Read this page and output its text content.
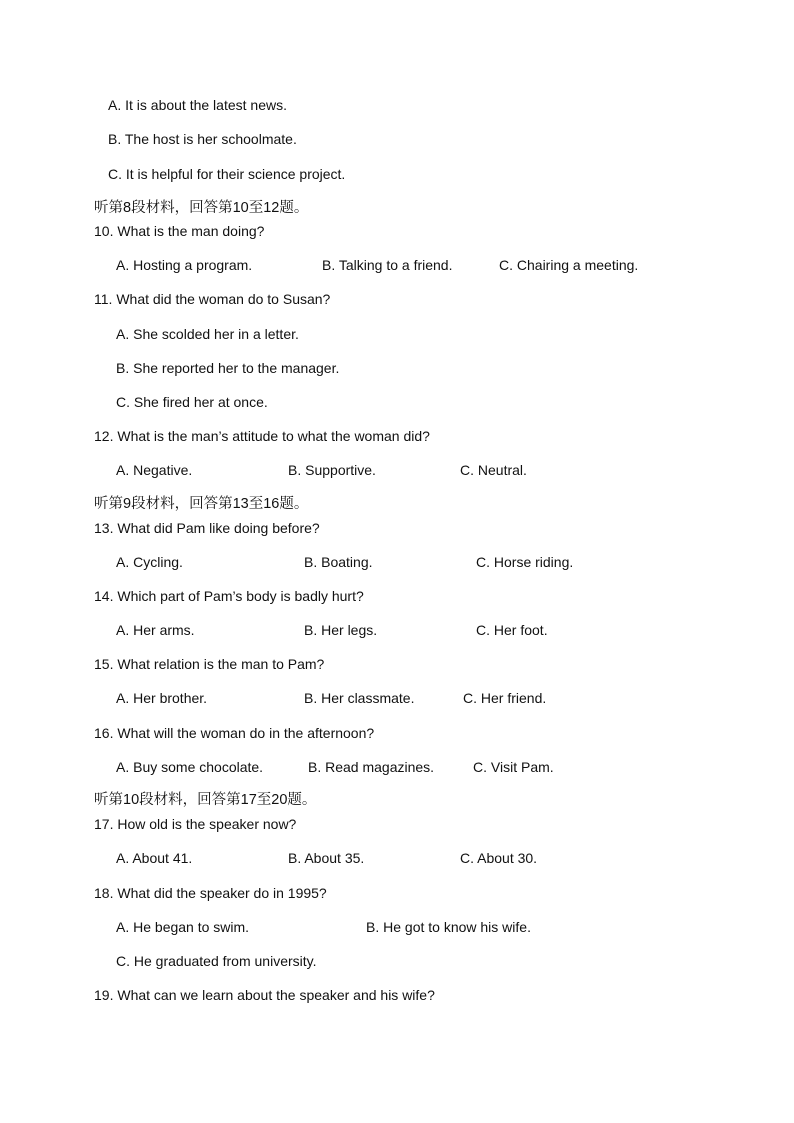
A. It is about the latest news.
B. The host is her schoolmate.
C. It is helpful for their science project.
听第8段材料，回答第10至12题。
10. What is the man doing?
A. Hosting a program.	B. Talking to a friend.	C. Chairing a meeting.
11. What did the woman do to Susan?
A. She scolded her in a letter.
B. She reported her to the manager.
C. She fired her at once.
12. What is the man’s attitude to what the woman did?
A. Negative.	B. Supportive.	C. Neutral.
听第9段材料，回答第13至16题。
13. What did Pam like doing before?
A. Cycling.	B. Boating.	C. Horse riding.
14. Which part of Pam’s body is badly hurt?
A. Her arms.	B. Her legs.	C. Her foot.
15. What relation is the man to Pam?
A. Her brother.	B. Her classmate.	C. Her friend.
16. What will the woman do in the afternoon?
A. Buy some chocolate.	B. Read magazines.	C. Visit Pam.
听第10段材料，回答第17至20题。
17. How old is the speaker now?
A. About 41.	B. About 35.	C. About 30.
18. What did the speaker do in 1995?
A. He began to swim.	B. He got to know his wife.
C. He graduated from university.
19. What can we learn about the speaker and his wife?
